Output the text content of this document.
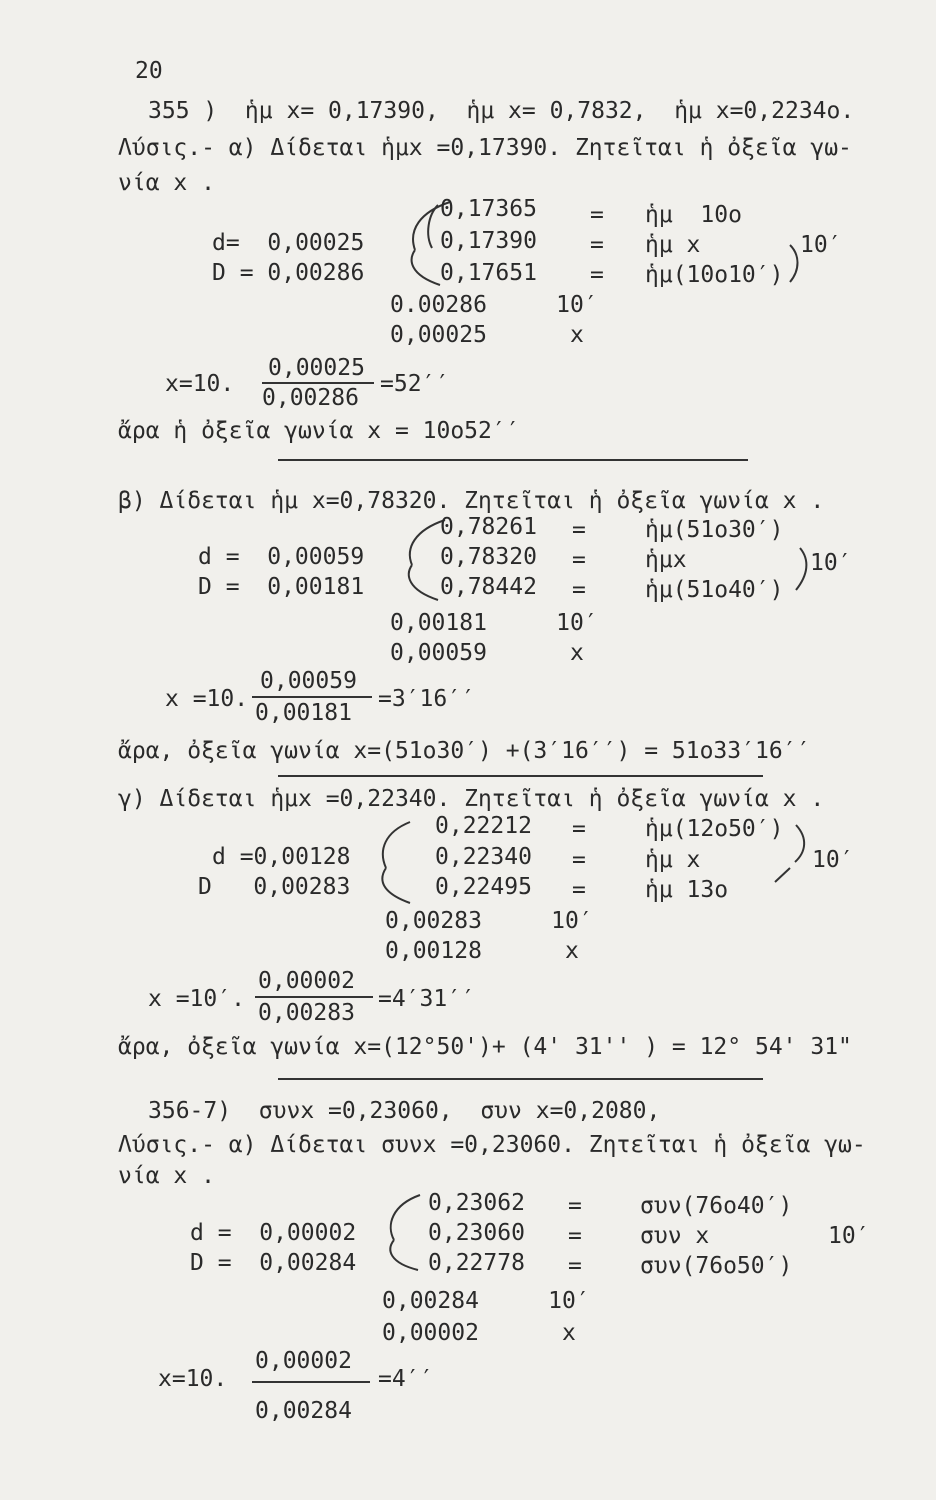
20
355 )  ἡμ x= 0,17390,  ἡμ x= 0,7832,  ἡμ x=0,2234ο.
Λύσις.- α) Δίδεται ἡμx =0,17390. Ζητεῖται ἡ ὀξεῖα γω-
νία x .
0,17365 = ἡμ  10ο
d=  0,00025	0,17390 = ἡμ x	10′
D = 0,00286	0,17651 = ἡμ(10ο10′)
0.00286     10′
0,00025      x
x=10.
0,00025
0,00286
=52′′
ἄρα ἡ ὀξεῖα γωνία x = 10ο52′′
β) Δίδεται ἡμ x=0,78320. Ζητεῖται ἡ ὀξεῖα γωνία x .
0,78261 =	ἡμ(51ο30′)
d =  0,00059	0,78320 =	ἡμx	10′
D =  0,00181	0,78442 =	ἡμ(51ο40′)
0,00181     10′
0,00059      x
x =10.
0,00059
0,00181
=3′16′′
ἄρα, ὀξεῖα γωνία x=(51ο30′) +(3′16′′) = 51ο33′16′′
γ) Δίδεται ἡμx =0,22340. Ζητεῖται ἡ ὀξεῖα γωνία x .
0,22212 =	ἡμ(12ο50′)
d =0,00128	0,22340 =	ἡμ x	10′
D   0,00283	0,22495 =	ἡμ 13ο
0,00283     10′
0,00128      x
x =10′.
0,00002
0,00283
=4′31′′
ἄρα, ὀξεῖα γωνία x=(12°50')+ (4' 31'' ) = 12° 54' 31"
356-7)  συνx =0,23060,  συν x=0,2080,
Λύσις.- α) Δίδεται συνx =0,23060. Ζητεῖται ἡ ὀξεῖα γω-
νία x .
0,23062 =	συν(76ο40′)
d =  0,00002	0,23060 =	συν x	10′
D =  0,00284	0,22778 =	συν(76ο50′)
0,00284     10′
0,00002      x
x=10.
0,00002
0,00284
=4′′
